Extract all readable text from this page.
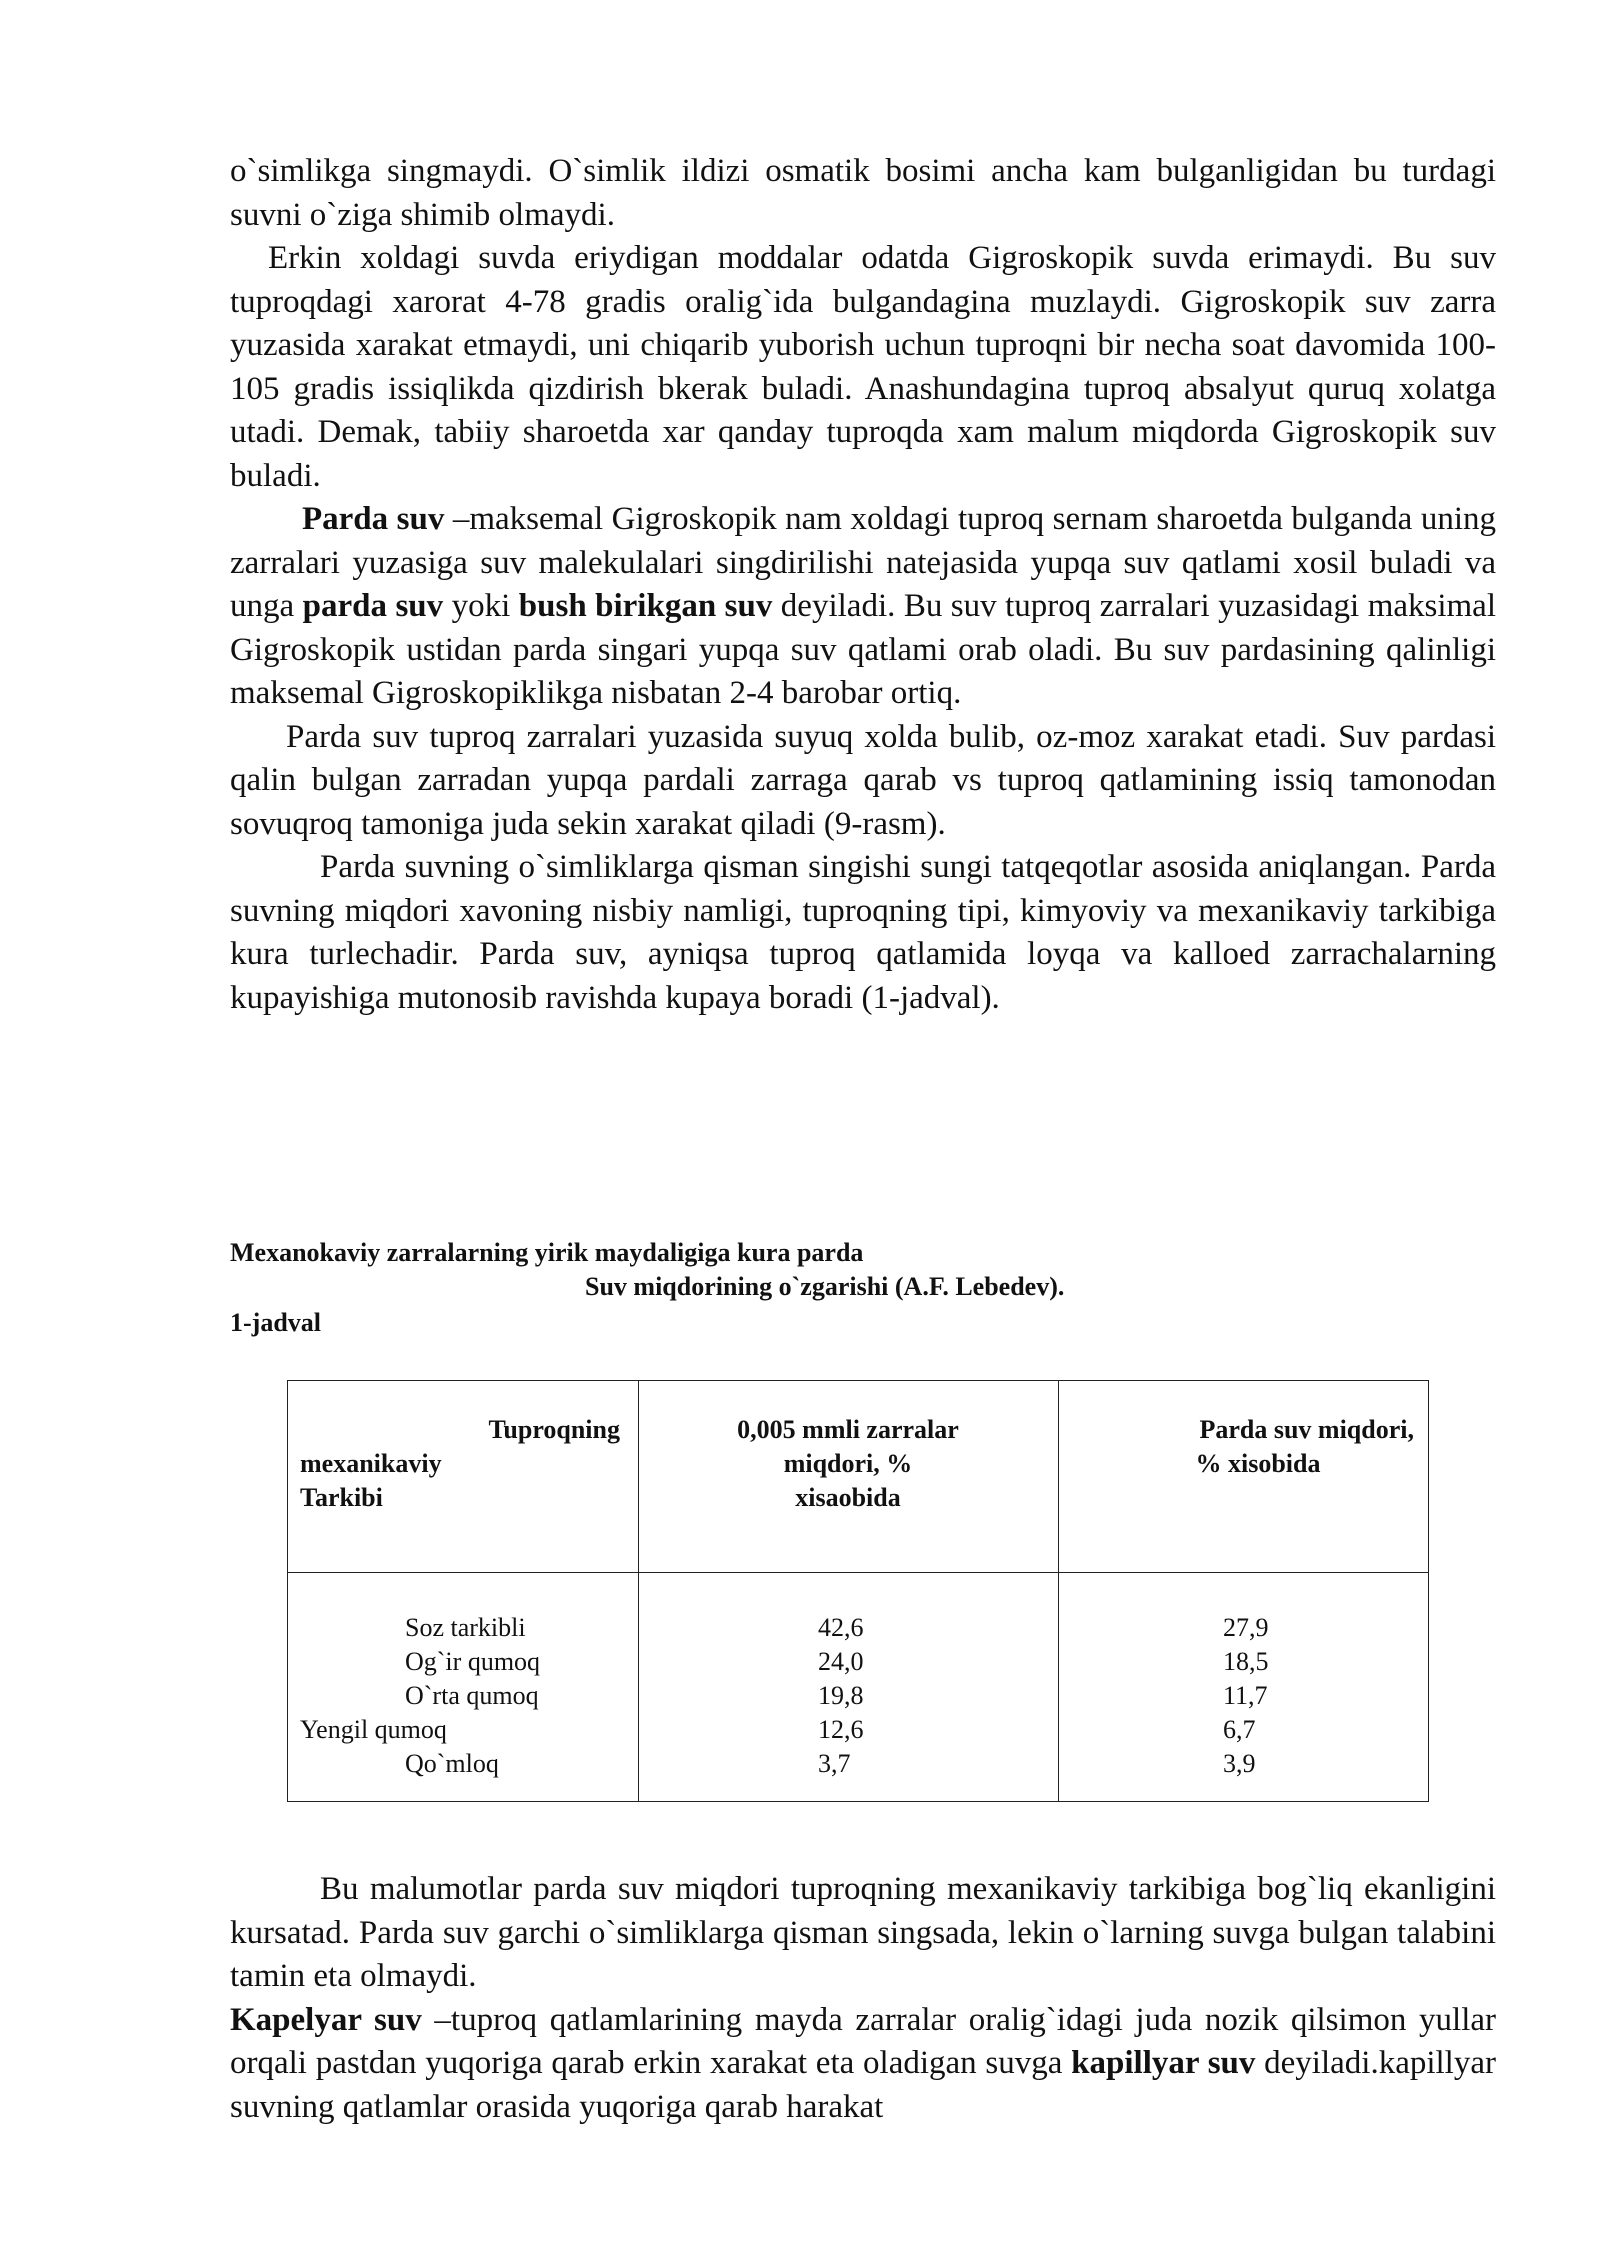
o`simlikga singmaydi. O`simlik ildizi osmatik bosimi ancha kam bulganligidan bu turdagi suvni o`ziga shimib olmaydi.

Erkin xoldagi suvda eriydigan moddalar odatda Gigroskopik suvda erimaydi. Bu suv tuproqdagi xarorat 4-78 gradis oralig`ida bulgandagina muzlaydi. Gigroskopik suv zarra yuzasida xarakat etmaydi, uni chiqarib yuborish uchun tuproqni bir necha soat davomida 100-105 gradis issiqlikda qizdirish bkerak buladi. Anashundagina tuproq absalyut quruq xolatga utadi. Demak, tabiiy sharoetda xar qanday tuproqda xam malum miqdorda Gigroskopik suv buladi.

Parda suv –maksemal Gigroskopik nam xoldagi tuproq sernam sharoetda bulganda uning zarralari yuzasiga suv malekulalari singdirilishi natejasida yupqa suv qatlami xosil buladi va unga parda suv yoki bush birikgan suv deyiladi. Bu suv tuproq zarralari yuzasidagi maksimal Gigroskopik ustidan parda singari yupqa suv qatlami orab oladi. Bu suv pardasining qalinligi maksemal Gigroskopiklikga nisbatan 2-4 barobar ortiq.

Parda suv tuproq zarralari yuzasida suyuq xolda bulib, oz-moz xarakat etadi. Suv pardasi qalin bulgan zarradan yupqa pardali zarraga qarab vs tuproq qatlamining issiq tamonodan sovuqroq tamoniga juda sekin xarakat qiladi (9-rasm).

Parda suvning o`simliklarga qisman singishi sungi tatqeqotlar asosida aniqlangan. Parda suvning miqdori xavoning nisbiy namligi, tuproqning tipi, kimyoviy va mexanikaviy tarkibiga kura turlechadir. Parda suv, ayniqsa tuproq qatlamida loyqa va kalloed zarrachalarning kupayishiga mutonosib ravishda kupaya boradi (1-jadval).

Mexanokaviy zarralarning yirik maydaligiga kura parda
Suv miqdorining o`zgarishi (A.F. Lebedev).
1-jadval
Tuproqning
mexanikaviy
Tarkibi
0,005 mmli zarralar
miqdori, %
xisaobida
Parda suv miqdori,
% xisobida
Soz tarkibli
Og`ir qumoq
O`rta qumoq
Yengil qumoq
Qo`mloq
42,6
24,0
19,8
12,6
3,7
27,9
18,5
11,7
6,7
3,9

Bu malumotlar parda suv miqdori tuproqning mexanikaviy tarkibiga bog`liq ekanligini kursatad. Parda suv garchi o`simliklarga qisman singsada, lekin o`larning suvga bulgan talabini tamin eta olmaydi.

Kapelyar suv –tuproq qatlamlarining mayda zarralar oralig`idagi juda nozik qilsimon yullar orqali pastdan yuqoriga qarab erkin xarakat eta oladigan suvga kapillyar suv deyiladi.kapillyar suvning qatlamlar orasida yuqoriga qarab harakat
